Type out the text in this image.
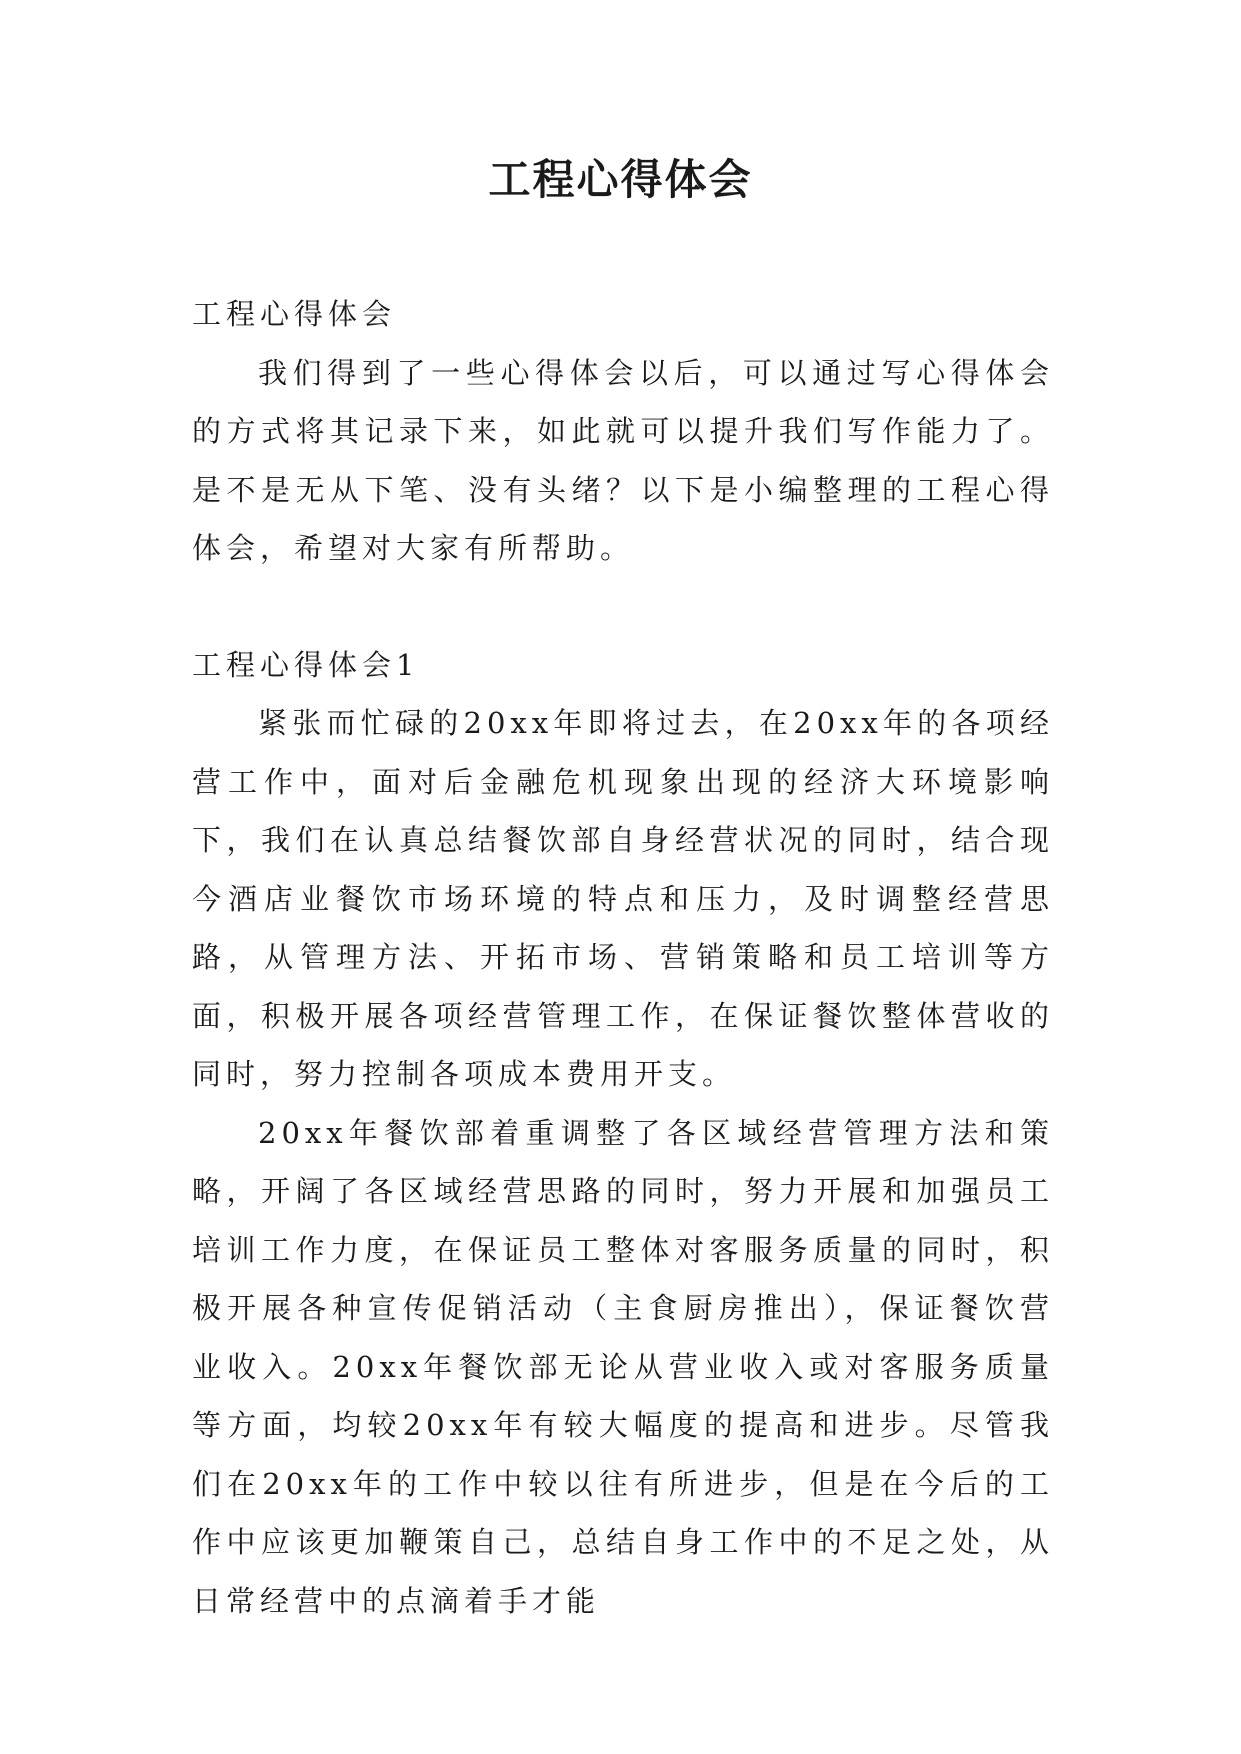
工程心得体会

工程心得体会

我们得到了一些心得体会以后，可以通过写心得体会的方式将其记录下来，如此就可以提升我们写作能力了。是不是无从下笔、没有头绪？以下是小编整理的工程心得体会，希望对大家有所帮助。

工程心得体会1

紧张而忙碌的20xx年即将过去，在20xx年的各项经营工作中，面对后金融危机现象出现的经济大环境影响下，我们在认真总结餐饮部自身经营状况的同时，结合现今酒店业餐饮市场环境的特点和压力，及时调整经营思路，从管理方法、开拓市场、营销策略和员工培训等方面，积极开展各项经营管理工作，在保证餐饮整体营收的同时，努力控制各项成本费用开支。

20xx年餐饮部着重调整了各区域经营管理方法和策略，开阔了各区域经营思路的同时，努力开展和加强员工培训工作力度，在保证员工整体对客服务质量的同时，积极开展各种宣传促销活动（主食厨房推出），保证餐饮营业收入。20xx年餐饮部无论从营业收入或对客服务质量等方面，均较20xx年有较大幅度的提高和进步。尽管我们在20xx年的工作中较以往有所进步，但是在今后的工作中应该更加鞭策自己，总结自身工作中的不足之处，从日常经营中的点滴着手才能
